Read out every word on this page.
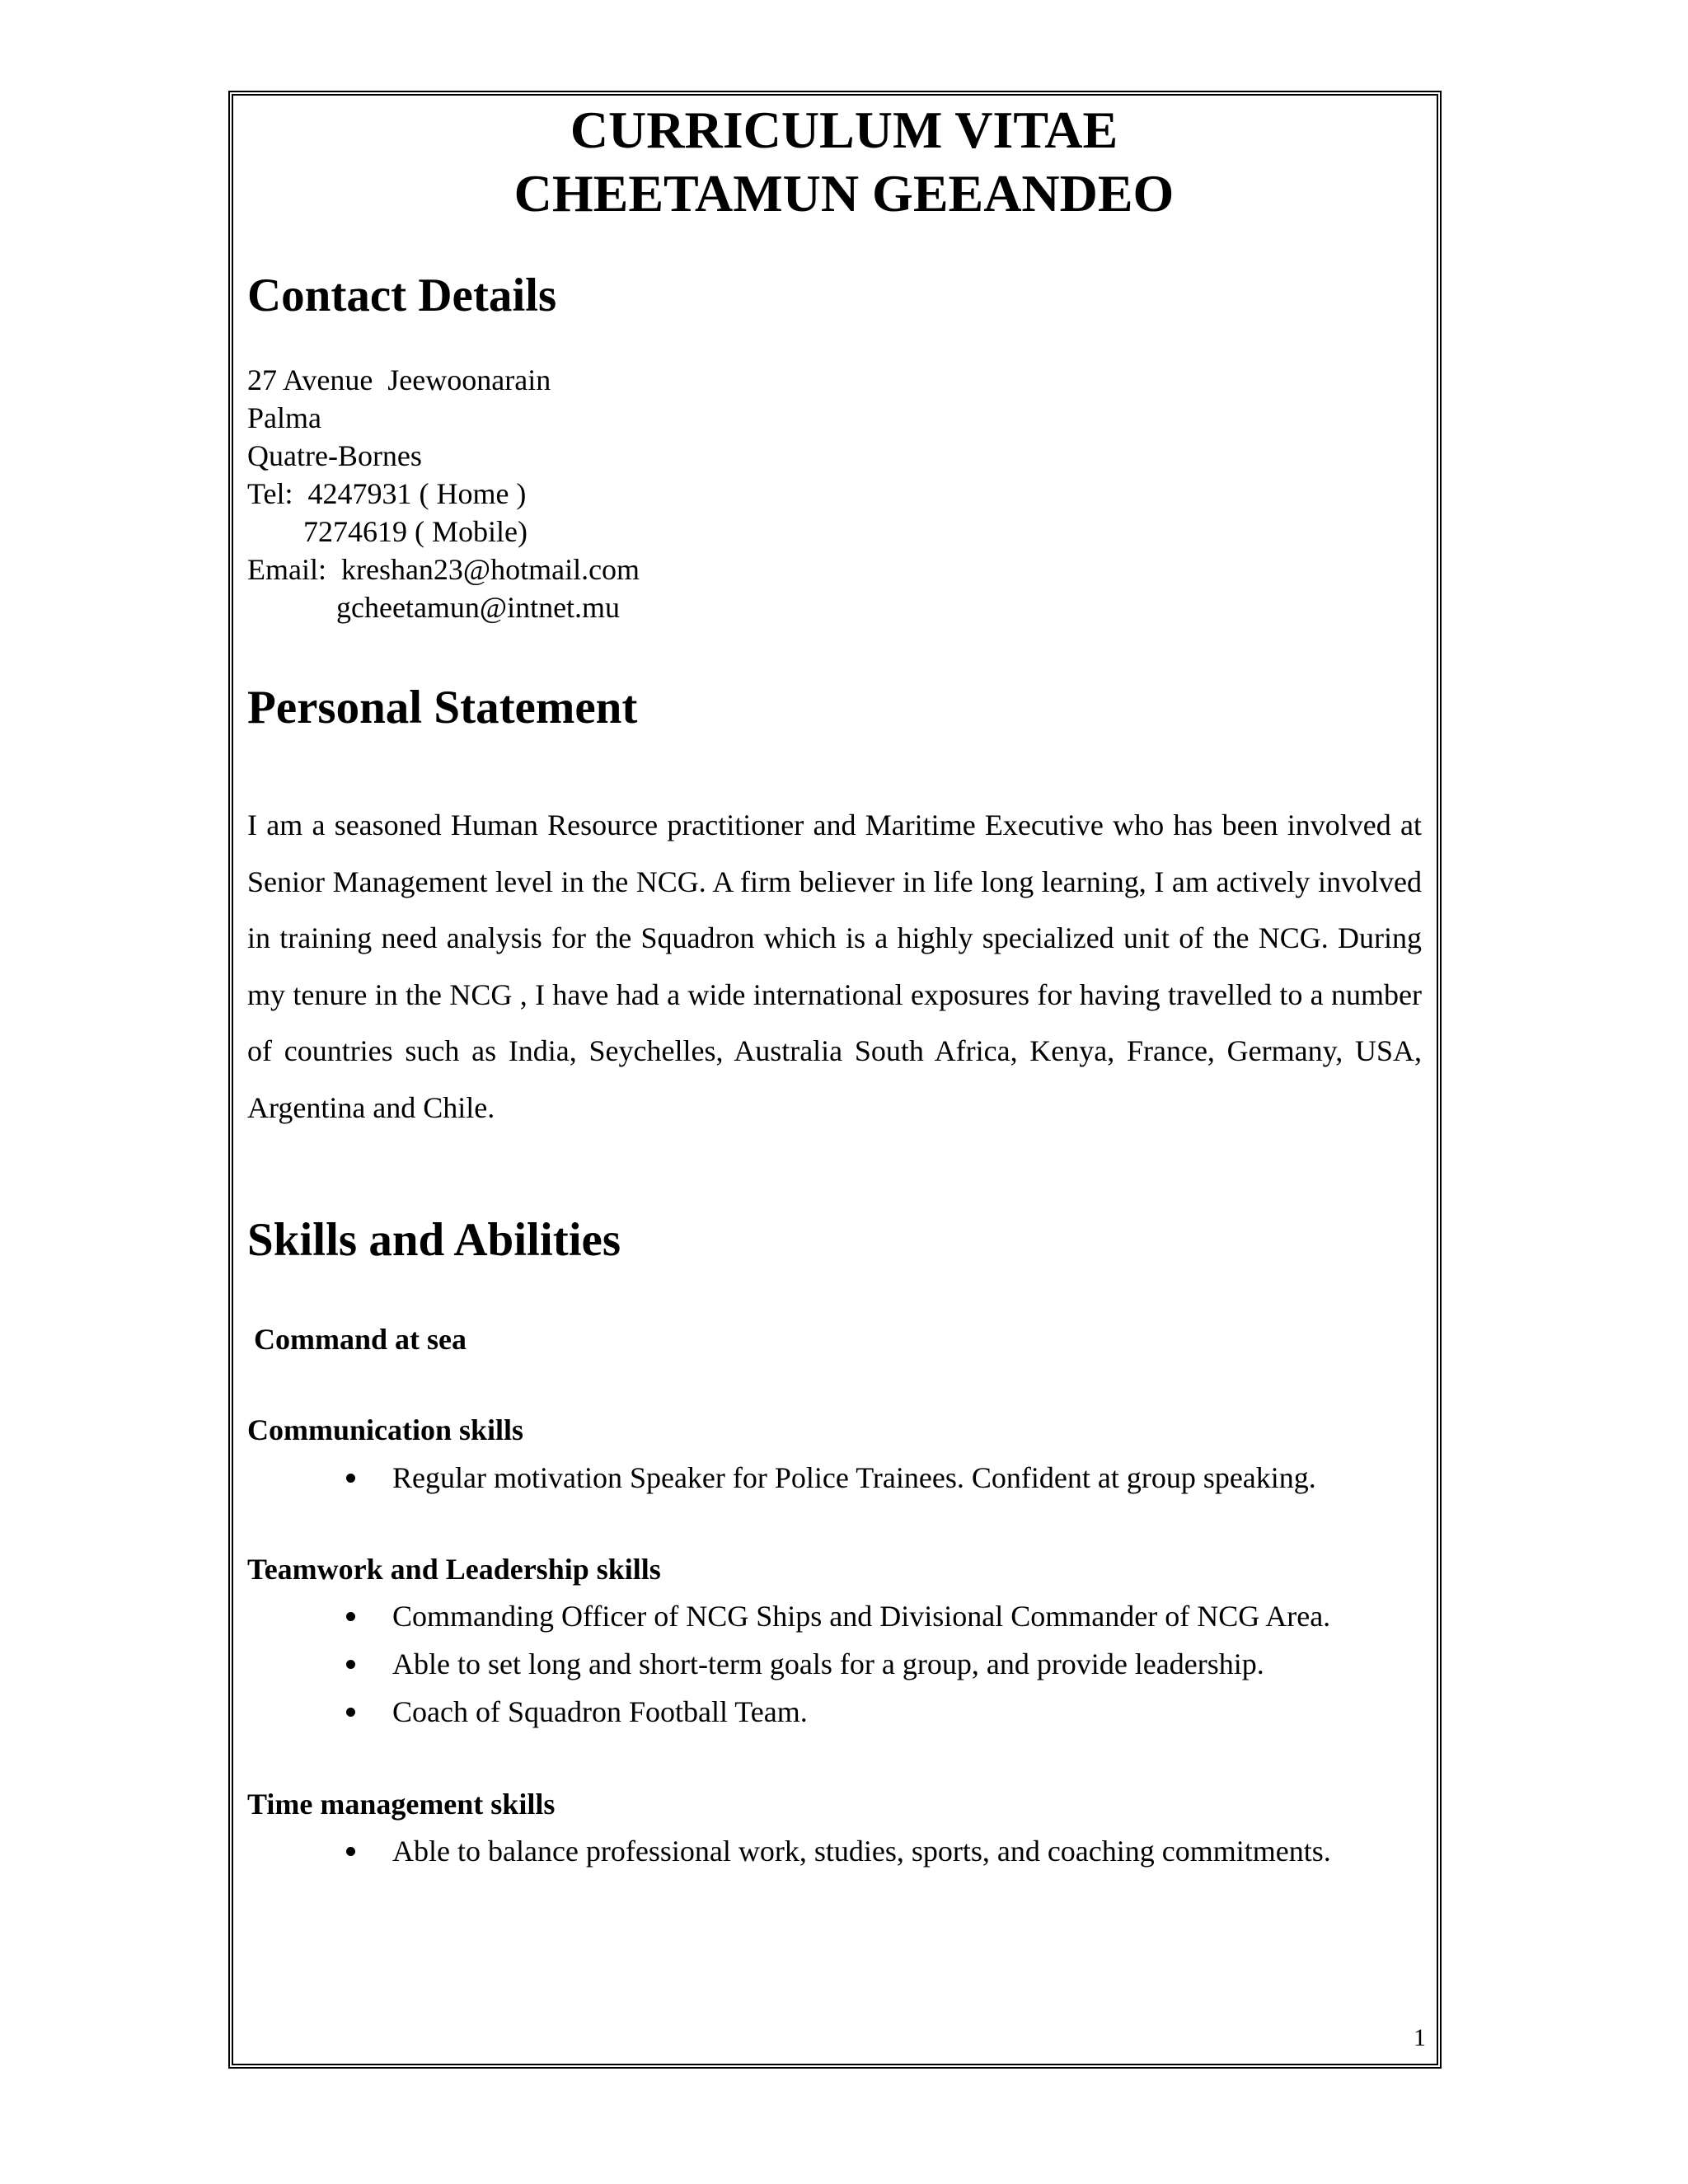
CURRICULUM VITAE
CHEETAMUN GEEANDEO
Contact Details
27 Avenue  Jeewoonarain
Palma
Quatre-Bornes
Tel:  4247931 ( Home )
7274619 ( Mobile)
Email:  kreshan23@hotmail.com
gcheetamun@intnet.mu
Personal Statement

I am a seasoned Human Resource practitioner and Maritime Executive who has been involved at Senior Management level in the NCG. A firm believer in life long learning, I am actively involved in training need analysis for the Squadron which is a highly specialized unit of the NCG. During my tenure in the NCG , I have had a wide international exposures for having travelled to a number of countries such as India, Seychelles, Australia South Africa, Kenya, France, Germany, USA, Argentina and Chile.

Skills and Abilities
Command at sea
Communication skills
Regular motivation Speaker for Police Trainees. Confident at group speaking.
Teamwork and Leadership skills
Commanding Officer of NCG Ships and Divisional Commander of NCG Area.
Able to set long and short-term goals for a group, and provide leadership.
Coach of Squadron Football Team.
Time management skills
Able to balance professional work, studies, sports, and coaching commitments.
1
